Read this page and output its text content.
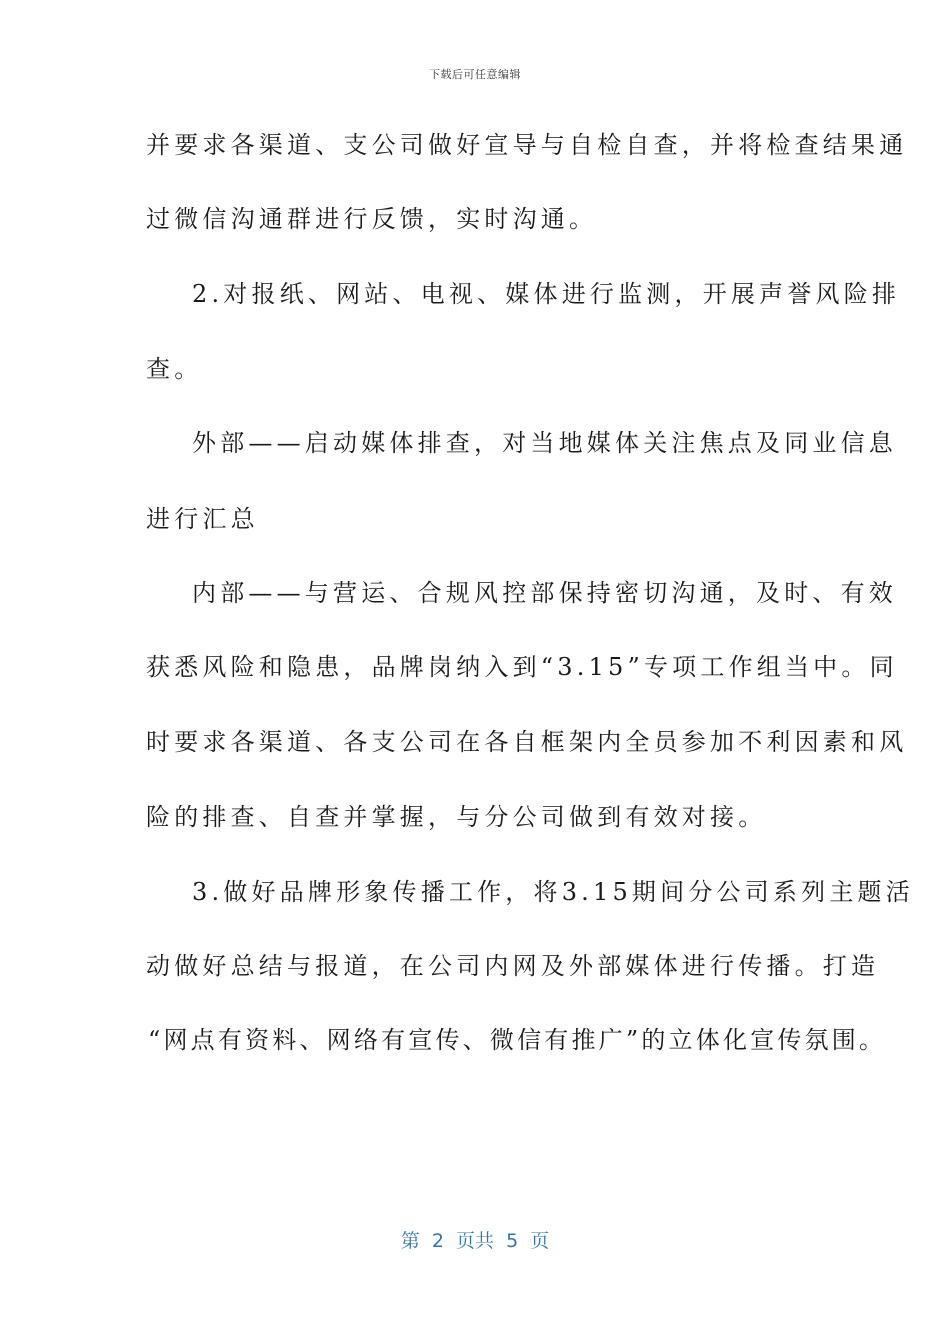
下载后可任意编辑
并要求各渠道、支公司做好宣导与自检自查，并将检查结果通
过微信沟通群进行反馈，实时沟通。
2.对报纸、网站、电视、媒体进行监测，开展声誉风险排
查。
外部——启动媒体排查，对当地媒体关注焦点及同业信息
进行汇总
内部——与营运、合规风控部保持密切沟通，及时、有效
获悉风险和隐患，品牌岗纳入到“3.15”专项工作组当中。同
时要求各渠道、各支公司在各自框架内全员参加不利因素和风
险的排查、自查并掌握，与分公司做到有效对接。
3.做好品牌形象传播工作，将3.15期间分公司系列主题活
动做好总结与报道，在公司内网及外部媒体进行传播。打造
“网点有资料、网络有宣传、微信有推广”的立体化宣传氛围。
第  2  页共  5  页
